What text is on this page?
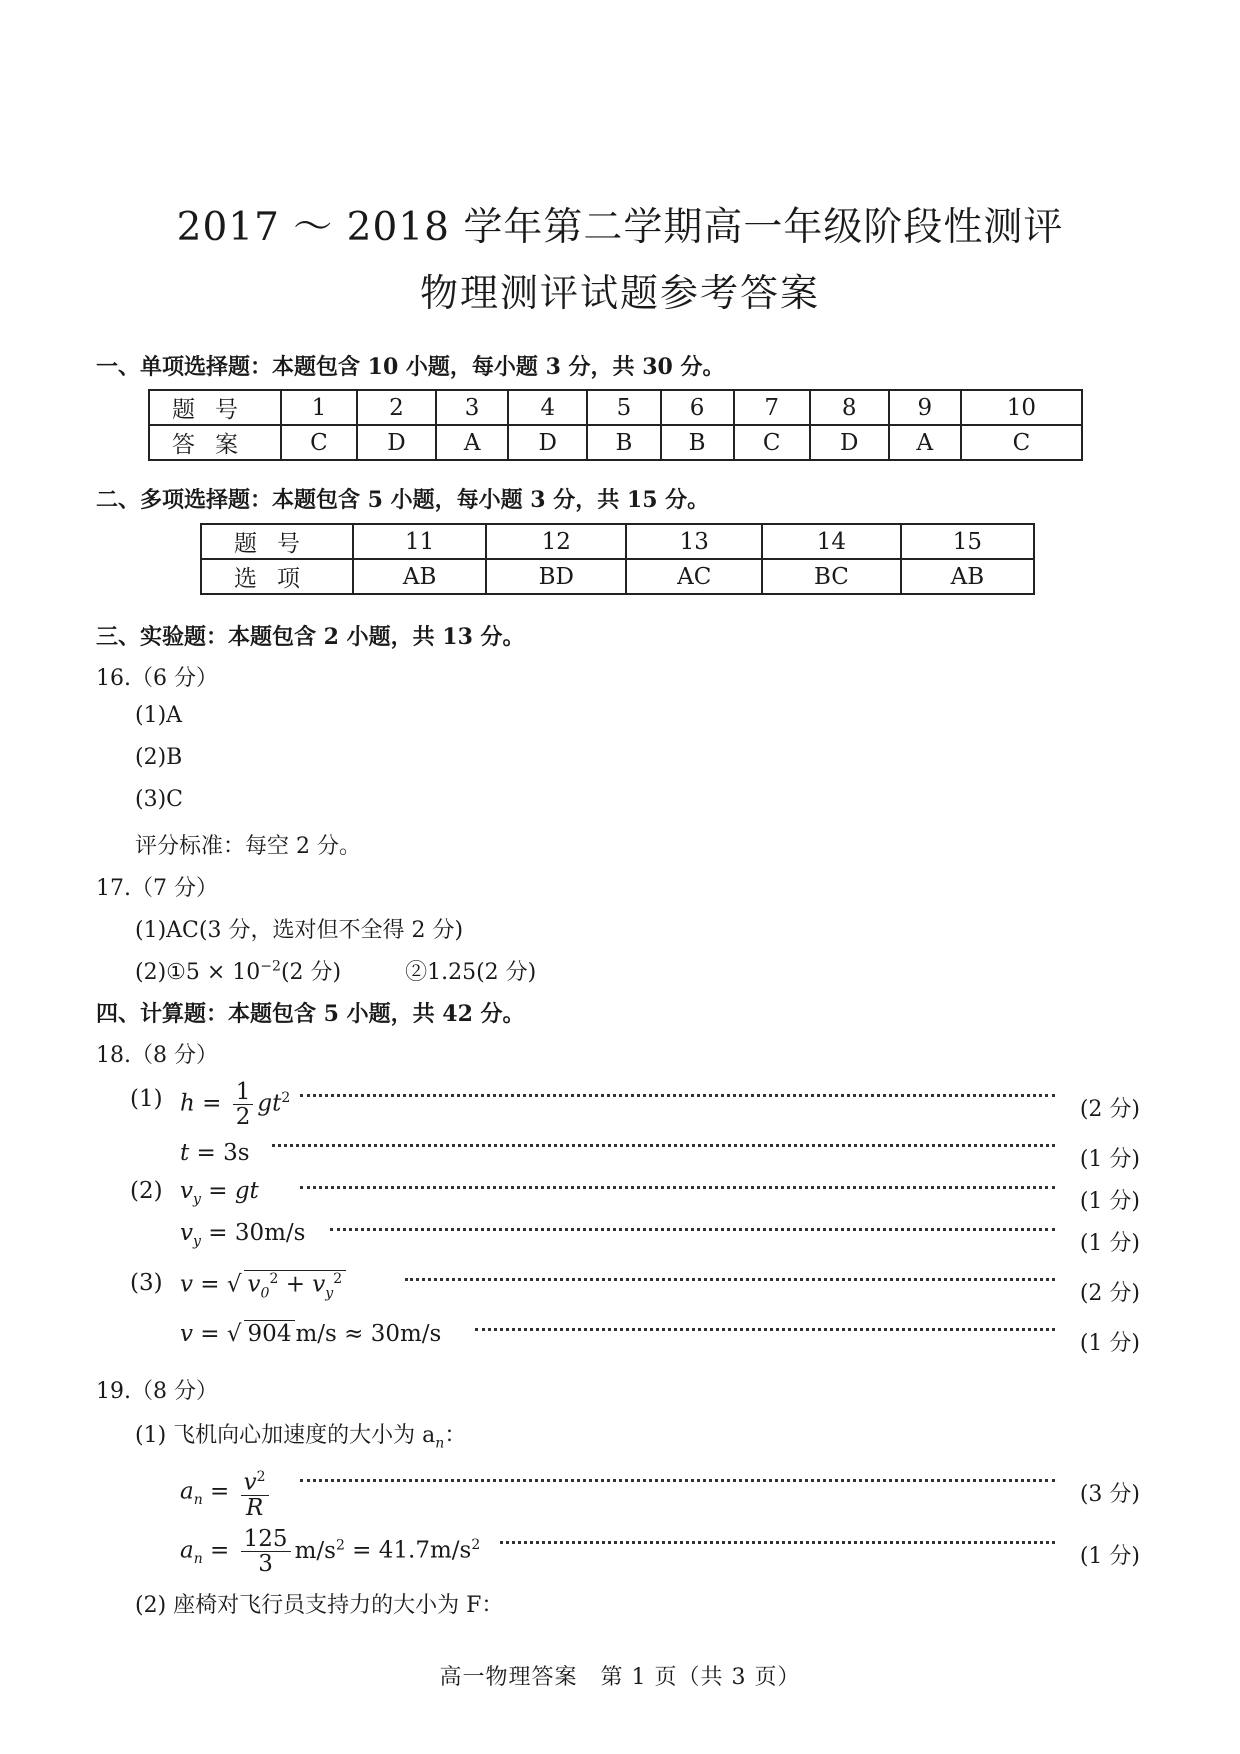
2017 ～ 2018 学年第二学期高一年级阶段性测评
物理测评试题参考答案
一、单项选择题：本题包含 10 小题，每小题 3 分，共 30 分。
题号	1	2	3	4	5	6	7	8	9	10
答案	C	D	A	D	B	B	C	D	A	C
二、多项选择题：本题包含 5 小题，每小题 3 分，共 15 分。
题号	11	12	13	14	15
选项	AB	BD	AC	BC	AB
三、实验题：本题包含 2 小题，共 13 分。
16.（6 分）
(1)A
(2)B
(3)C
评分标准：每空 2 分。
17.（7 分）
(1)AC(3 分，选对但不全得 2 分)
(2)①5 × $10^{-2}(2$ 分)	②1.25(2 分)
四、计算题：本题包含 5 小题，共 42 分。
18.（8 分）
(1) $h = \frac{1}{2} gt^2$	(2 分)
t = 3s	(1 分)
(2) $v_y$ = gt	(1 分)
$v_y = 30m/s$	(1 分)
(3) v = √ $v_0^2 + v_y^2$
(2 分)
v = √ 904 m/s ≈ 30m/s	(1 分)
19.（8 分）
(1) 飞机向心加速度的大小为 $a_n$：
$a_n = \frac{v^2}{R}$	(3 分)
$a_n = \frac{125}{3} m/s^2 = 41.7m/s^2$	(1 分)
(2) 座椅对飞行员支持力的大小为 F：
高一物理答案　第 1 页（共 3 页）
